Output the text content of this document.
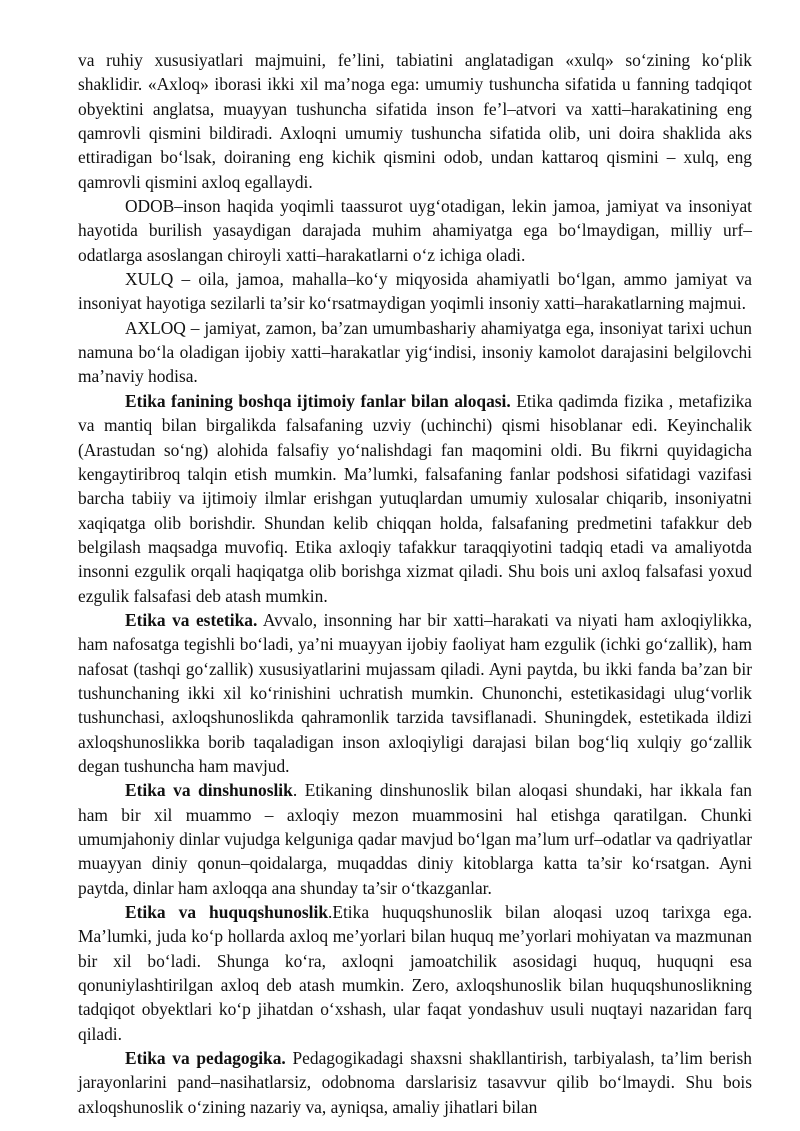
va ruhiy xususiyatlari majmuini, fe’lini, tabiatini anglatadigan «xulq» so‘zining ko‘plik shaklidir. «Axloq» iborasi ikki xil ma’noga ega: umumiy tushuncha sifatida u fanning tadqiqot obyektini anglatsa, muayyan tushuncha sifatida inson fe’l–atvori va xatti–harakatining eng qamrovli qismini bildiradi. Axloqni umumiy tushuncha sifatida olib, uni doira shaklida aks ettiradigan bo‘lsak, doiraning eng kichik qismini odob, undan kattaroq qismini – xulq, eng qamrovli qismini axloq egallaydi.

ODOB–inson haqida yoqimli taassurot uyg‘otadigan, lekin jamoa, jamiyat va insoniyat hayotida burilish yasaydigan darajada muhim ahamiyatga ega bo‘lmaydigan, milliy urf–odatlarga asoslangan chiroyli xatti–harakatlarni o‘z ichiga oladi.

XULQ – oila, jamoa, mahalla–ko‘y miqyosida ahamiyatli bo‘lgan, ammo jamiyat va insoniyat hayotiga sezilarli ta’sir ko‘rsatmaydigan yoqimli insoniy xatti–harakatlarning majmui.

AXLOQ – jamiyat, zamon, ba’zan umumbashariy ahamiyatga ega, insoniyat tarixi uchun namuna bo‘la oladigan ijobiy xatti–harakatlar yig‘indisi, insoniy kamolot darajasini belgilovchi ma’naviy hodisa.

Etika fanining boshqa ijtimoiy fanlar bilan aloqasi. Etika qadimda fizika , metafizika va mantiq bilan birgalikda falsafaning uzviy (uchinchi) qismi hisoblanar edi. Keyinchalik (Arastudan so‘ng) alohida falsafiy yo‘nalishdagi fan maqomini oldi. Bu fikrni quyidagicha kengaytiribroq talqin etish mumkin. Ma’lumki, falsafaning fanlar podshosi sifatidagi vazifasi barcha tabiiy va ijtimoiy ilmlar erishgan yutuqlardan umumiy xulosalar chiqarib, insoniyatni xaqiqatga olib borishdir. Shundan kelib chiqqan holda, falsafaning predmetini tafakkur deb belgilash maqsadga muvofiq. Etika axloqiy tafakkur taraqqiyotini tadqiq etadi va amaliyotda insonni ezgulik orqali haqiqatga olib borishga xizmat qiladi. Shu bois uni axloq falsafasi yoxud ezgulik falsafasi deb atash mumkin.

Etika va estetika. Avvalo, insonning har bir xatti–harakati va niyati ham axloqiylikka, ham nafosatga tegishli bo‘ladi, ya’ni muayyan ijobiy faoliyat ham ezgulik (ichki go‘zallik), ham nafosat (tashqi go‘zallik) xususiyatlarini mujassam qiladi. Ayni paytda, bu ikki fanda ba’zan bir tushunchaning ikki xil ko‘rinishini uchratish mumkin. Chunonchi, estetikasidagi ulug‘vorlik tushunchasi, axloqshunoslikda qahramonlik tarzida tavsiflanadi. Shuningdek, estetikada ildizi axloqshunoslikka borib taqaladigan inson axloqiyligi darajasi bilan bog‘liq xulqiy go‘zallik degan tushuncha ham mavjud.

Etika va dinshunoslik. Etikaning dinshunoslik bilan aloqasi shundaki, har ikkala fan ham bir xil muammo – axloqiy mezon muammosini hal etishga qaratilgan. Chunki umumjahoniy dinlar vujudga kelguniga qadar mavjud bo‘lgan ma’lum urf–odatlar va qadriyatlar muayyan diniy qonun–qoidalarga, muqaddas diniy kitoblarga katta ta’sir ko‘rsatgan. Ayni paytda, dinlar ham axloqqa ana shunday ta’sir o‘tkazganlar.

Etika va huquqshunoslik.Etika huquqshunoslik bilan aloqasi uzoq tarixga ega. Ma’lumki, juda ko‘p hollarda axloq me’yorlari bilan huquq me’yorlari mohiyatan va mazmunan bir xil bo‘ladi. Shunga ko‘ra, axloqni jamoatchilik asosidagi huquq, huquqni esa qonuniylashtirilgan axloq deb atash mumkin. Zero, axloqshunoslik bilan huquqshunoslikning tadqiqot obyektlari ko‘p jihatdan o‘xshash, ular faqat yondashuv usuli nuqtayi nazaridan farq qiladi.

Etika va pedagogika. Pedagogikadagi shaxsni shakllantirish, tarbiyalash, ta’lim berish jarayonlarini pand–nasihatlarsiz, odobnoma darslarisiz tasavvur qilib bo‘lmaydi. Shu bois axloqshunoslik o‘zining nazariy va, ayniqsa, amaliy jihatlari bilan
